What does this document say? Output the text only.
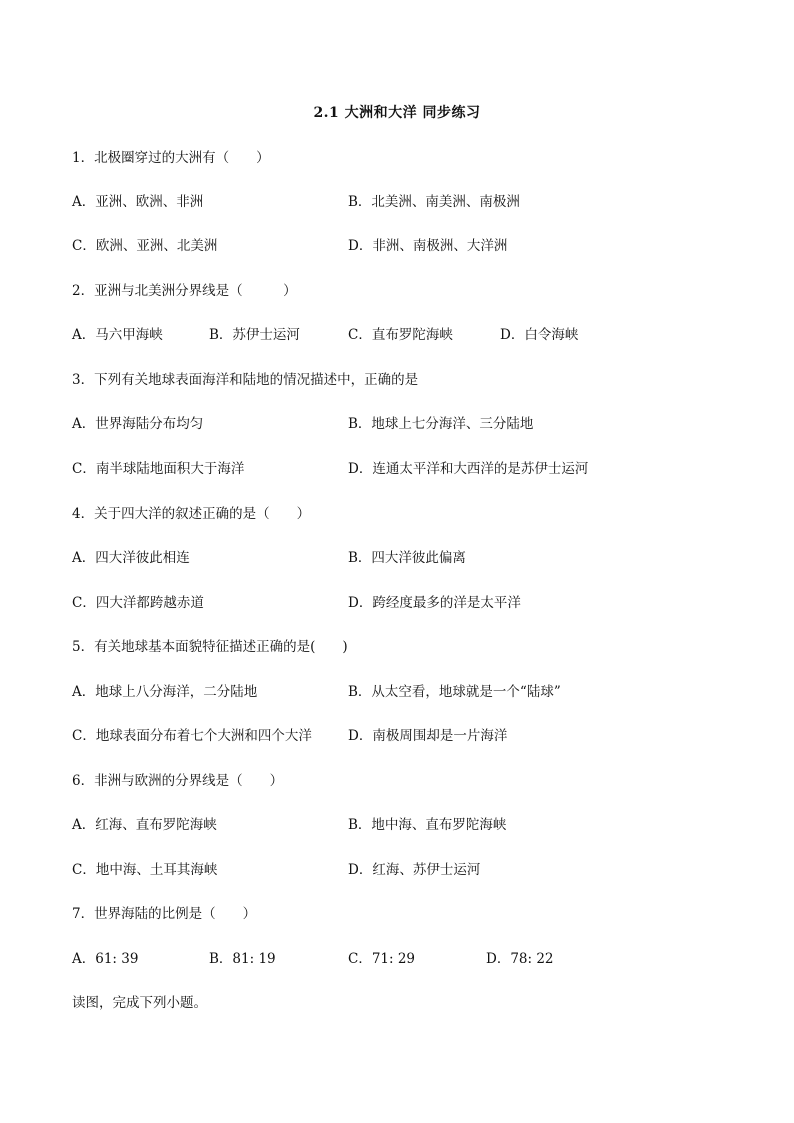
2.1 大洲和大洋 同步练习
1．北极圈穿过的大洲有（　　）
A．亚洲、欧洲、非洲	B．北美洲、南美洲、南极洲
C．欧洲、亚洲、北美洲	D．非洲、南极洲、大洋洲
2．亚洲与北美洲分界线是（　　　）
A．马六甲海峡	B．苏伊士运河	C．直布罗陀海峡	D．白令海峡
3．下列有关地球表面海洋和陆地的情况描述中，正确的是
A．世界海陆分布均匀	B．地球上七分海洋、三分陆地
C．南半球陆地面积大于海洋	D．连通太平洋和大西洋的是苏伊士运河
4．关于四大洋的叙述正确的是（　　）
A．四大洋彼此相连	B．四大洋彼此偏离
C．四大洋都跨越赤道	D．跨经度最多的洋是太平洋
5．有关地球基本面貌特征描述正确的是(　　)
A．地球上八分海洋，二分陆地	B．从太空看，地球就是一个“陆球”
C．地球表面分布着七个大洲和四个大洋	D．南极周围却是一片海洋
6．非洲与欧洲的分界线是（　　）
A．红海、直布罗陀海峡	B．地中海、直布罗陀海峡
C．地中海、土耳其海峡	D．红海、苏伊士运河
7．世界海陆的比例是（　　）
A．61: 39	B．81: 19	C．71: 29	D．78: 22
读图，完成下列小题。
